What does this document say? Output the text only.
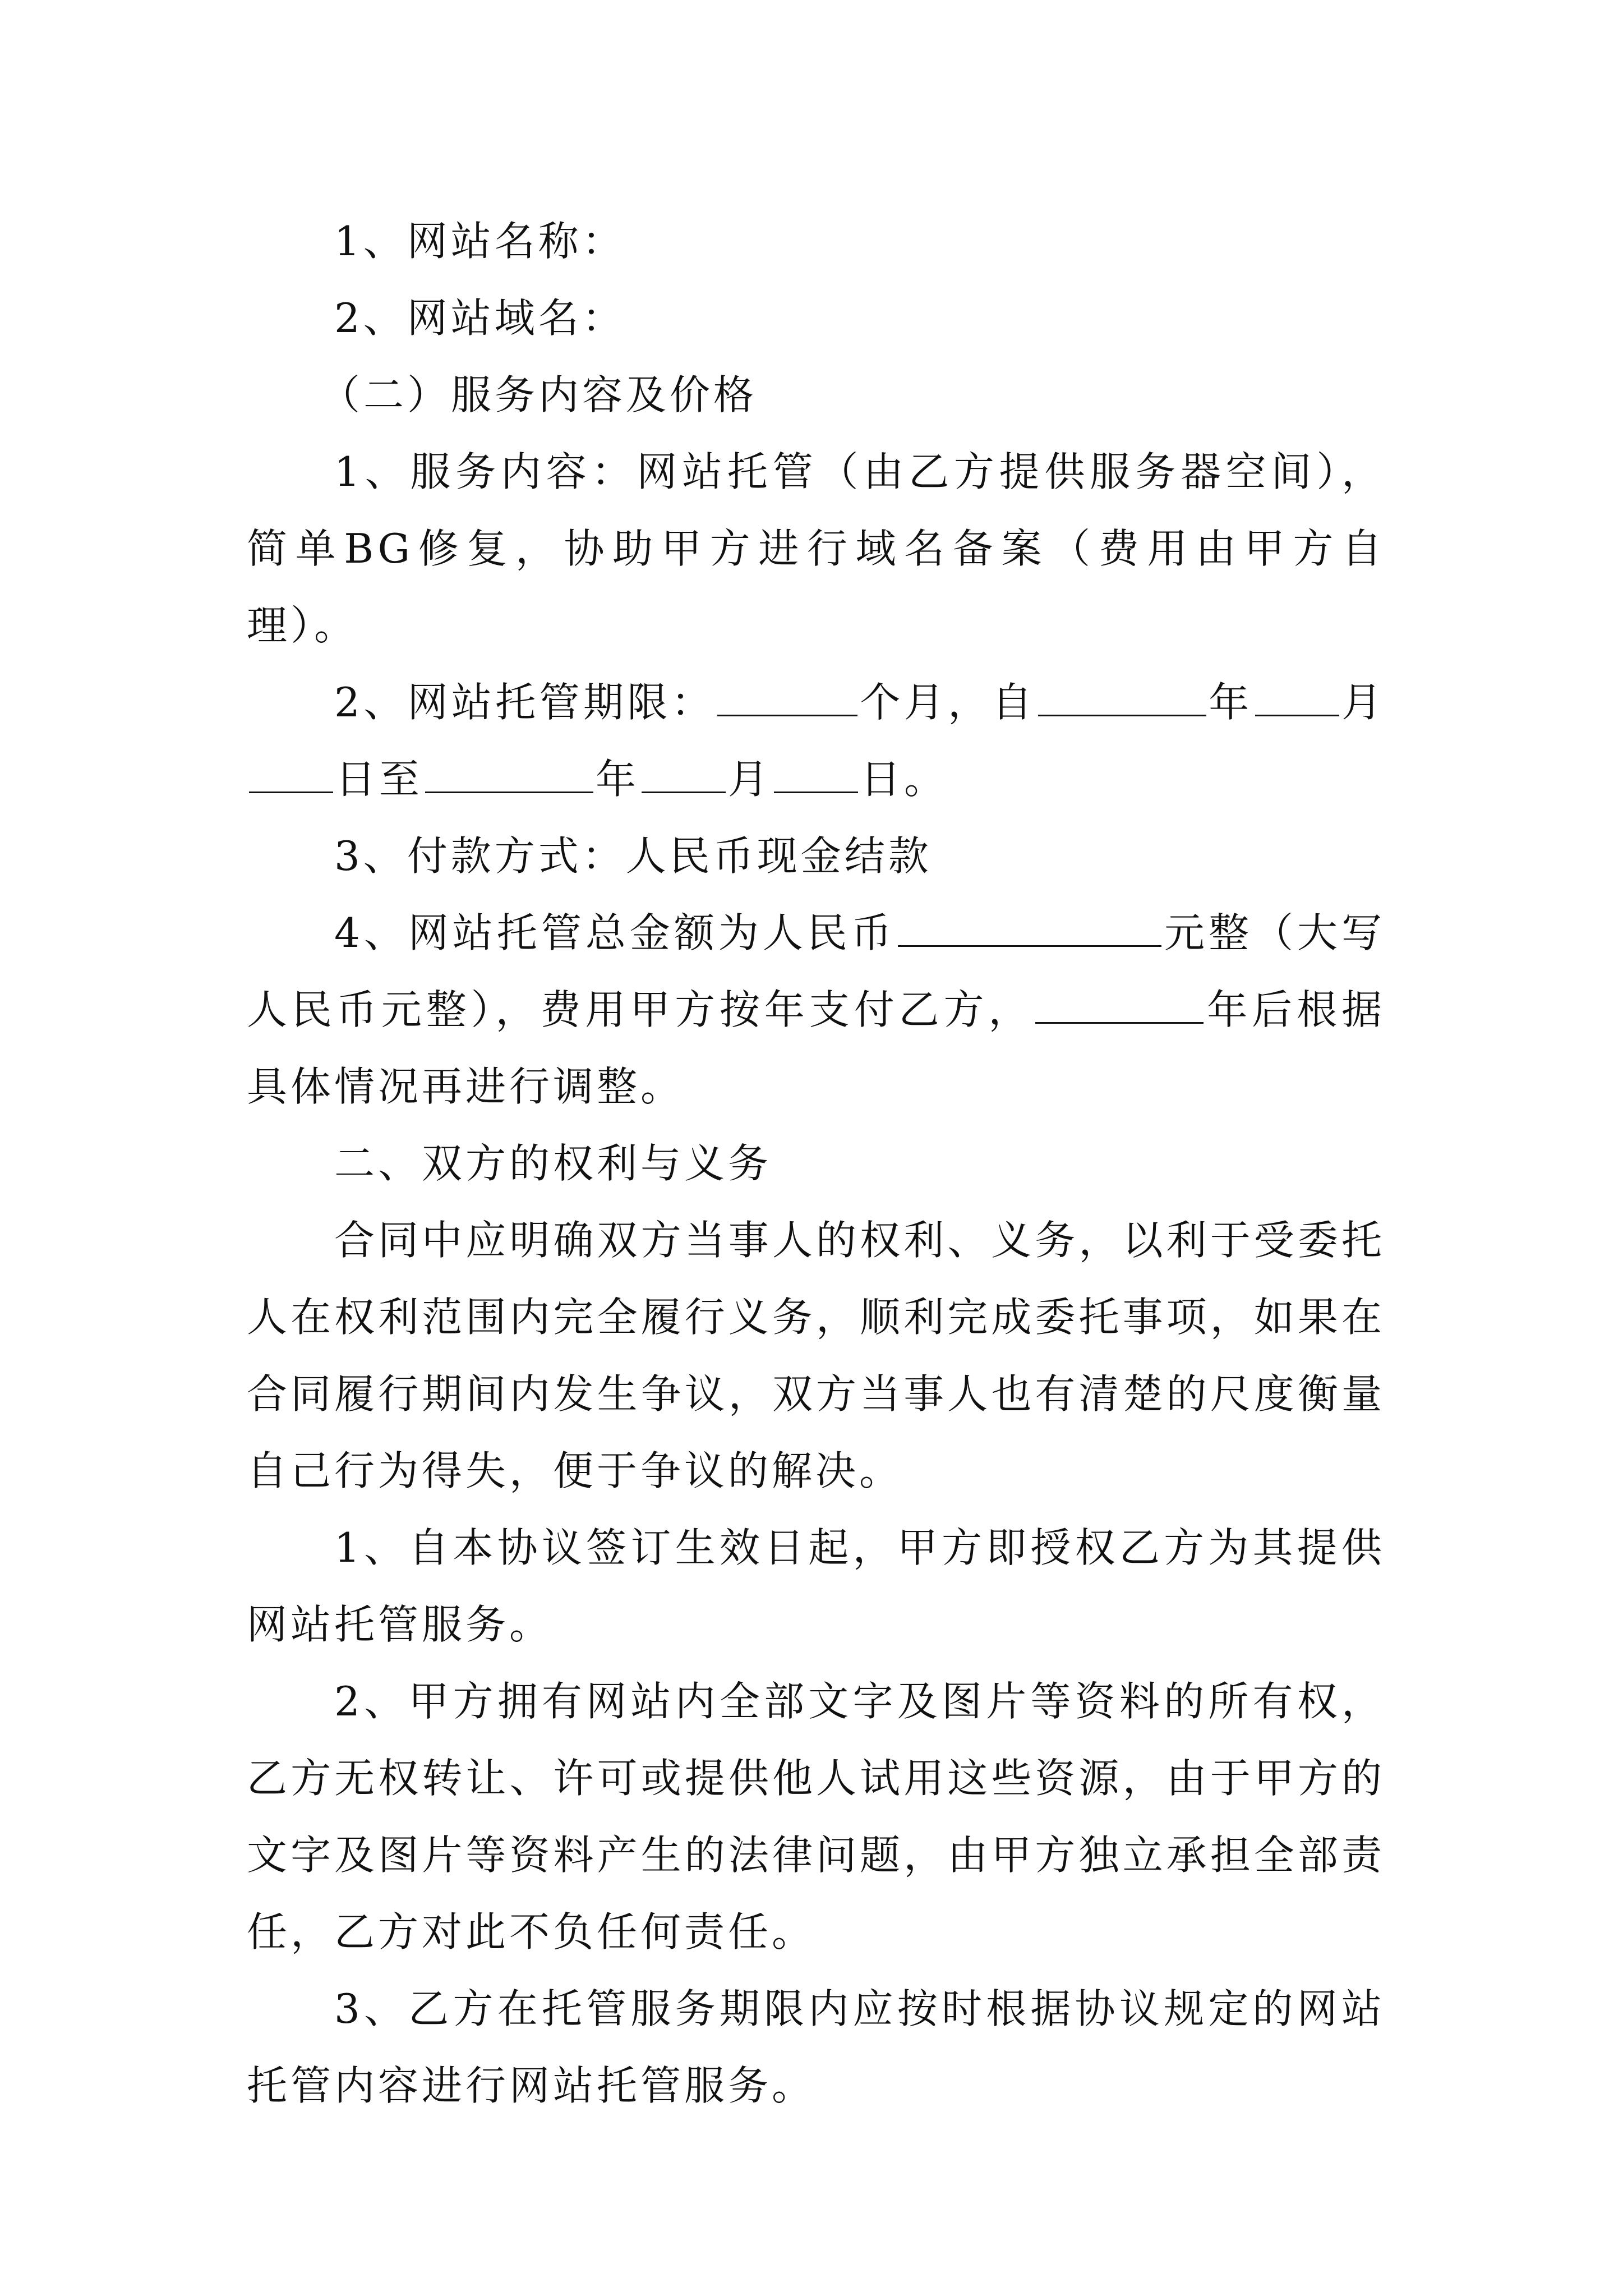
1、网站名称：

2、网站域名：

（二）服务内容及价格

1、服务内容：网站托管（由乙方提供服务器空间），简单BG修复，协助甲方进行域名备案（费用由甲方自理）。

2、网站托管期限：	个月，自	年 月日至	年 月 日。

3、付款方式：人民币现金结款

4、网站托管总金额为人民币	元整（大写人民币元整），费用甲方按年支付乙方，	年后根据具体情况再进行调整。

二、双方的权利与义务

合同中应明确双方当事人的权利、义务，以利于受委托人在权利范围内完全履行义务，顺利完成委托事项，如果在合同履行期间内发生争议，双方当事人也有清楚的尺度衡量自己行为得失，便于争议的解决。

1、自本协议签订生效日起，甲方即授权乙方为其提供网站托管服务。

2、甲方拥有网站内全部文字及图片等资料的所有权，乙方无权转让、许可或提供他人试用这些资源，由于甲方的文字及图片等资料产生的法律问题，由甲方独立承担全部责任，乙方对此不负任何责任。

3、乙方在托管服务期限内应按时根据协议规定的网站托管内容进行网站托管服务。
